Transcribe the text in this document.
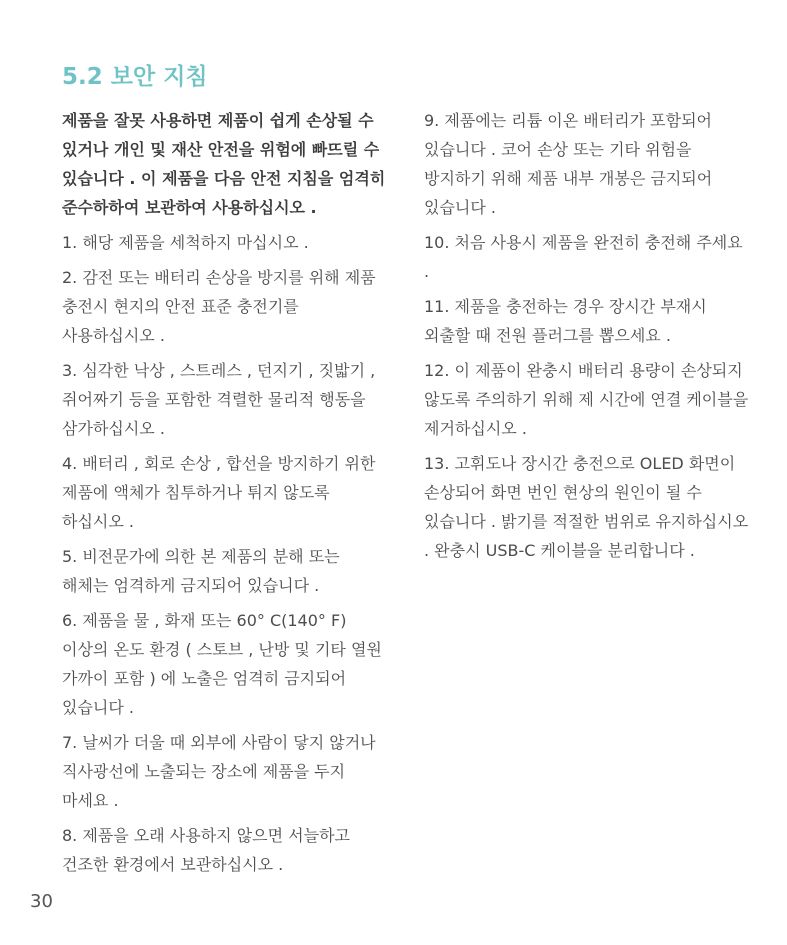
5.2 보안 지침

제품을 잘못 사용하면 제품이 쉽게 손상될 수 있거나 개인 및 재산 안전을 위험에 빠뜨릴 수 있습니다 . 이 제품을 다음 안전 지침을 엄격히 준수하하여 보관하여 사용하십시오 .

1. 해당 제품을 세척하지 마십시오 .

2. 감전 또는 배터리 손상을 방지를 위해 제품 충전시 현지의 안전 표준 충전기를 사용하십시오 .

3. 심각한 낙상 , 스트레스 , 던지기 , 짓밟기 , 쥐어짜기 등을 포함한 격렬한 물리적 행동을 삼가하십시오 .

4. 배터리 , 회로 손상 , 합선을 방지하기 위한 제품에 액체가 침투하거나 튀지 않도록 하십시오 .

5. 비전문가에 의한 본 제품의 분해 또는 해체는 엄격하게 금지되어 있습니다 .

6. 제품을 물 , 화재 또는 60° C(140° F) 이상의 온도 환경 ( 스토브 , 난방 및 기타 열원 가까이 포함 ) 에 노출은 엄격히 금지되어 있습니다 .

7. 날씨가 더울 때 외부에 사람이 닿지 않거나 직사광선에 노출되는 장소에 제품을 두지 마세요 .

8. 제품을 오래 사용하지 않으면 서늘하고 건조한 환경에서 보관하십시오 .

9. 제품에는 리튬 이온 배터리가 포함되어 있습니다 . 코어 손상 또는 기타 위험을 방지하기 위해 제품 내부 개봉은 금지되어 있습니다 .

10. 처음 사용시 제품을 완전히 충전해 주세요 .

11. 제품을 충전하는 경우 장시간 부재시 외출할 때 전원 플러그를 뽑으세요 .

12. 이 제품이 완충시 배터리 용량이 손상되지 않도록 주의하기 위해 제 시간에 연결 케이블을 제거하십시오 .

13. 고휘도나 장시간 충전으로 OLED 화면이 손상되어 화면 번인 현상의 원인이 될 수 있습니다 . 밝기를 적절한 범위로 유지하십시오 . 완충시 USB-C 케이블을 분리합니다 .

30
